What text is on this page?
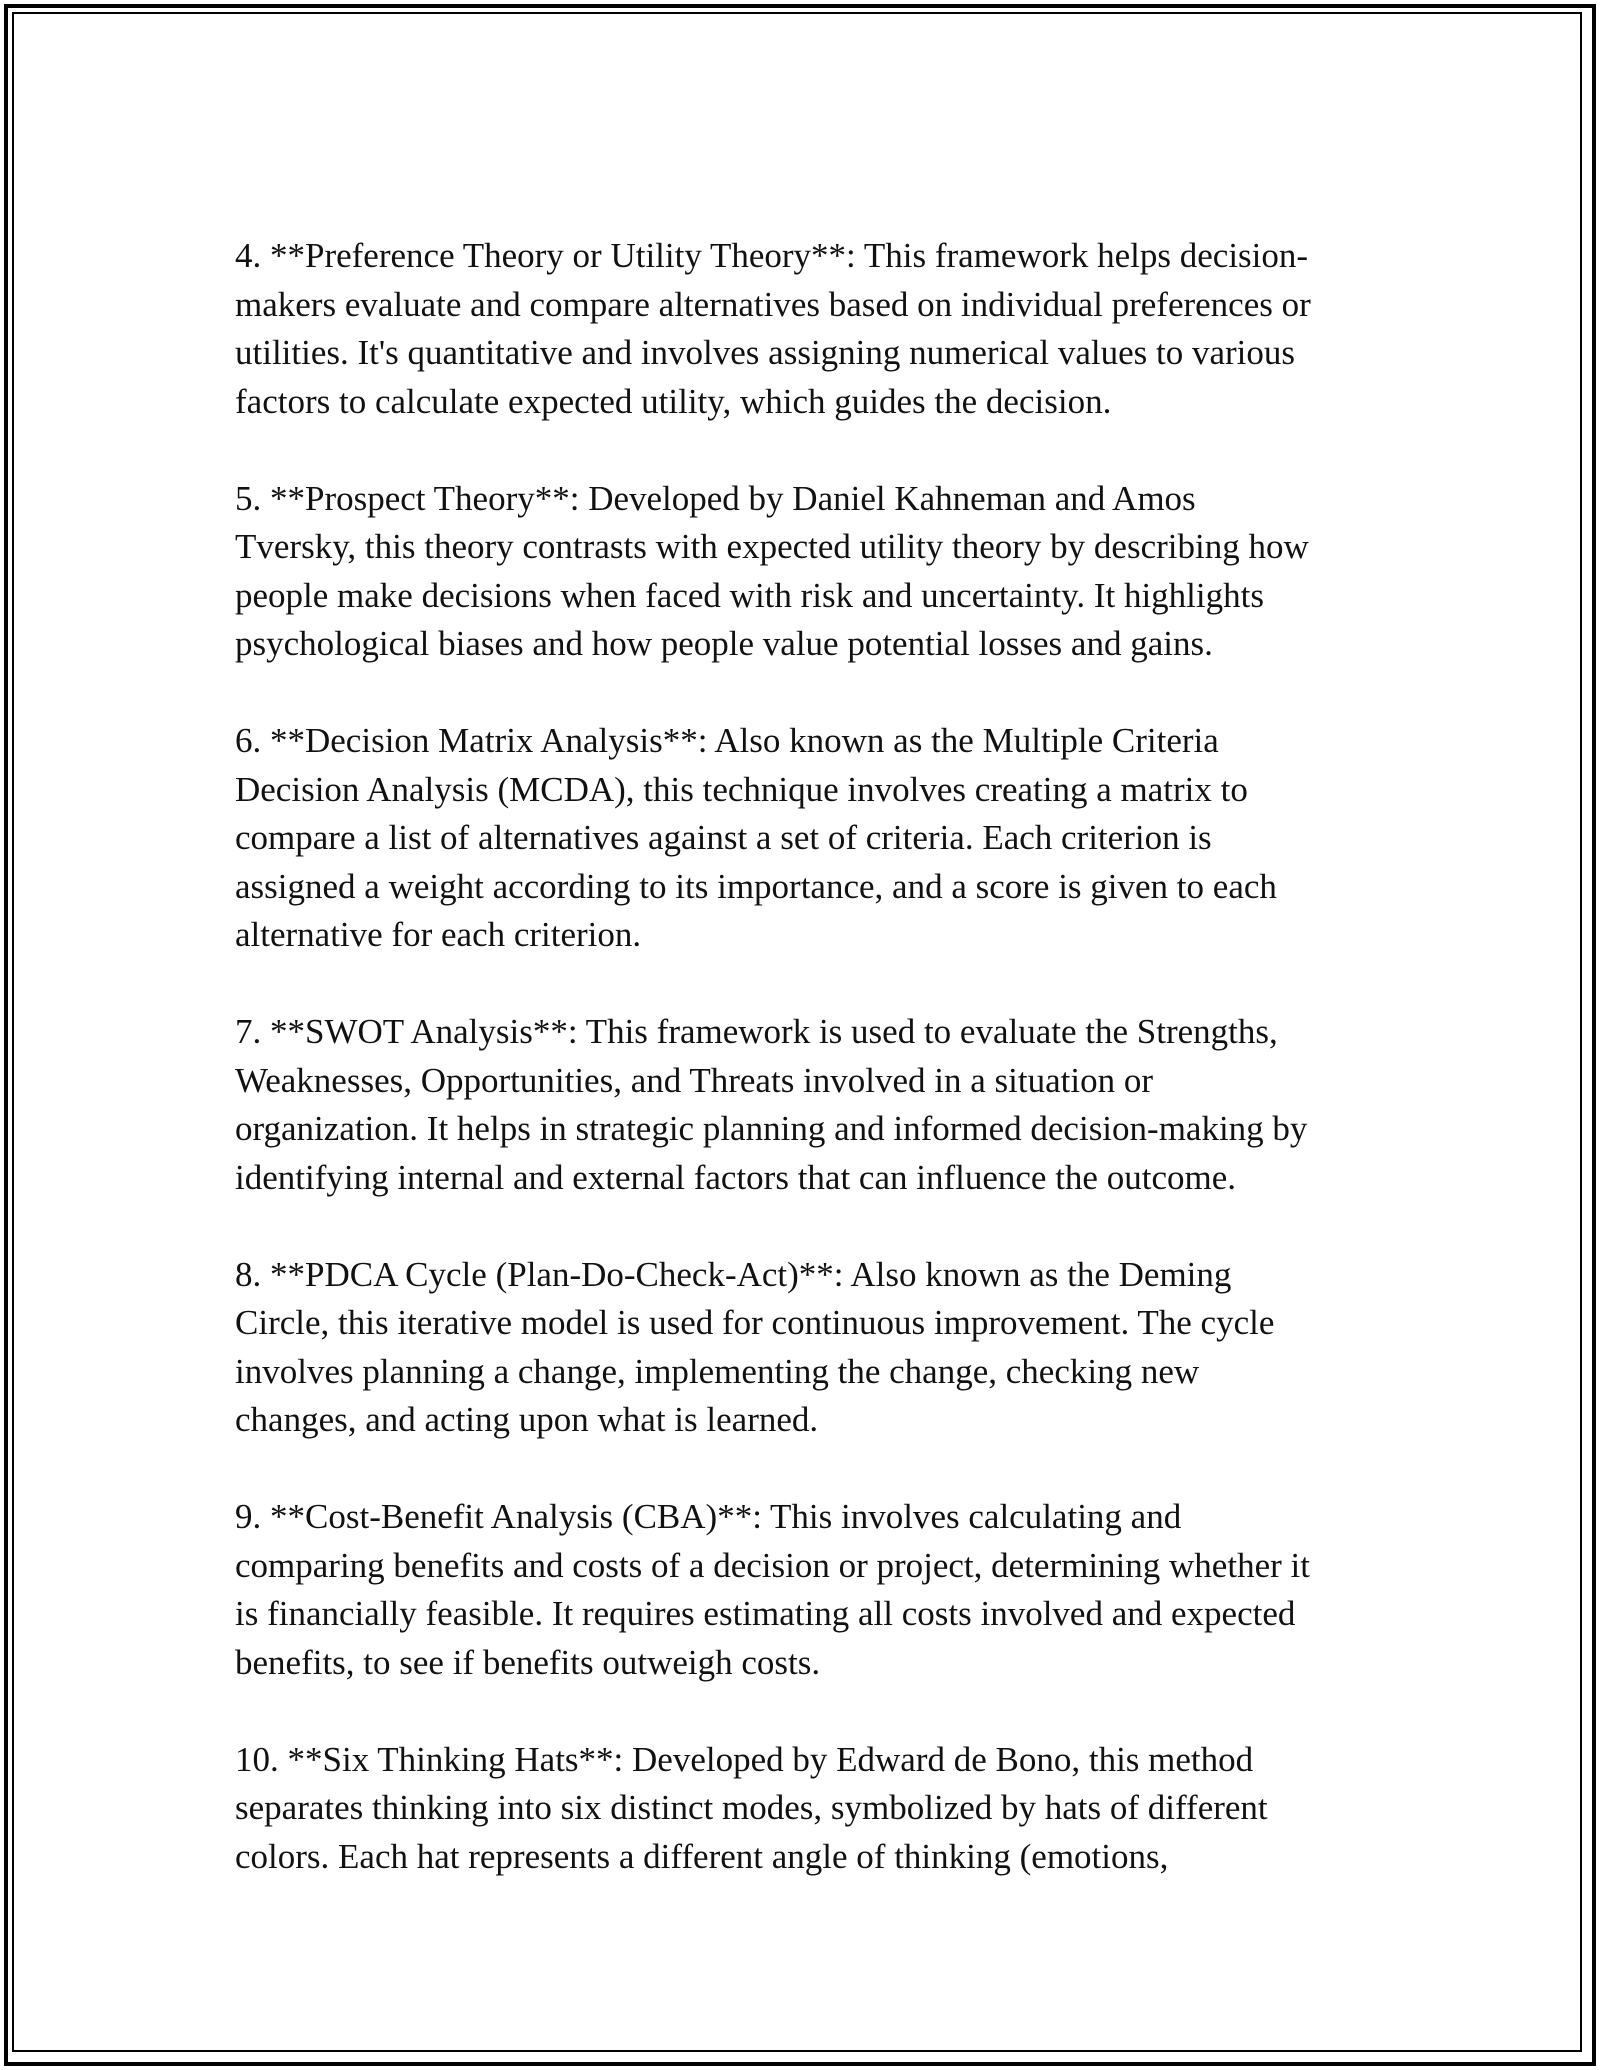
4. **Preference Theory or Utility Theory**: This framework helps decision-
makers evaluate and compare alternatives based on individual preferences or
utilities. It's quantitative and involves assigning numerical values to various
factors to calculate expected utility, which guides the decision.
5. **Prospect Theory**: Developed by Daniel Kahneman and Amos
Tversky, this theory contrasts with expected utility theory by describing how
people make decisions when faced with risk and uncertainty. It highlights
psychological biases and how people value potential losses and gains.
6. **Decision Matrix Analysis**: Also known as the Multiple Criteria
Decision Analysis (MCDA), this technique involves creating a matrix to
compare a list of alternatives against a set of criteria. Each criterion is
assigned a weight according to its importance, and a score is given to each
alternative for each criterion.
7. **SWOT Analysis**: This framework is used to evaluate the Strengths,
Weaknesses, Opportunities, and Threats involved in a situation or
organization. It helps in strategic planning and informed decision-making by
identifying internal and external factors that can influence the outcome.
8. **PDCA Cycle (Plan-Do-Check-Act)**: Also known as the Deming
Circle, this iterative model is used for continuous improvement. The cycle
involves planning a change, implementing the change, checking new
changes, and acting upon what is learned.
9. **Cost-Benefit Analysis (CBA)**: This involves calculating and
comparing benefits and costs of a decision or project, determining whether it
is financially feasible. It requires estimating all costs involved and expected
benefits, to see if benefits outweigh costs.
10. **Six Thinking Hats**: Developed by Edward de Bono, this method
separates thinking into six distinct modes, symbolized by hats of different
colors. Each hat represents a different angle of thinking (emotions,
